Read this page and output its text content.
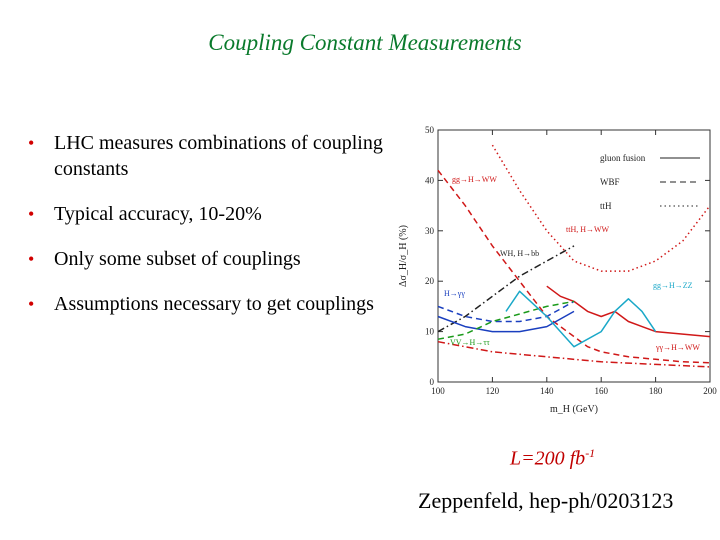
Coupling Constant Measurements
• LHC measures combinations of coupling constants
• Typical accuracy, 10-20%
• Only some subset of couplings
• Assumptions necessary to get couplings
100	120	140	160	180	200
0
10
20
30
40
50
m_H (GeV)
Δσ_H/σ_H (%)
gluon fusion
WBF
ttH
gg→H→WW
ttH, H→WW
WH, H→bb
H→γγ
VV→H→ττ
gg→H→ZZ
γγ→H→WW
L=200 $fb^{-1}$
Zeppenfeld, hep-ph/0203123
